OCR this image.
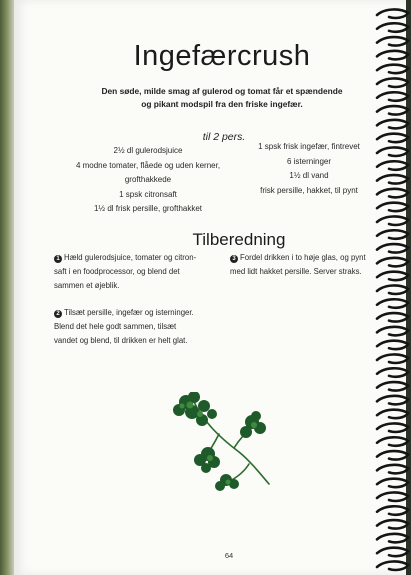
Ingefærcrush
Den søde, milde smag af gulerod og tomat får et spændende
og pikant modspil fra den friske ingefær.
til 2 pers.
2½ dl gulerodsjuice
4 modne tomater, flåede og uden kerner,
grofthakkede
1 spsk citronsaft
1½ dl frisk persille, grofthakket
1 spsk frisk ingefær, fintrevet
6 isterninger
1½ dl vand
frisk persille, hakket, til pynt
Tilberedning
1 Hæld gulerodsjuice, tomater og citron-
saft i en foodprocessor, og blend det
sammen et øjeblik.
2 Tilsæt persille, ingefær og isterninger.
Blend det hele godt sammen, tilsæt
vandet og blend, til drikken er helt glat.
3 Fordel drikken i to høje glas, og pynt
med lidt hakket persille. Server straks.
64
